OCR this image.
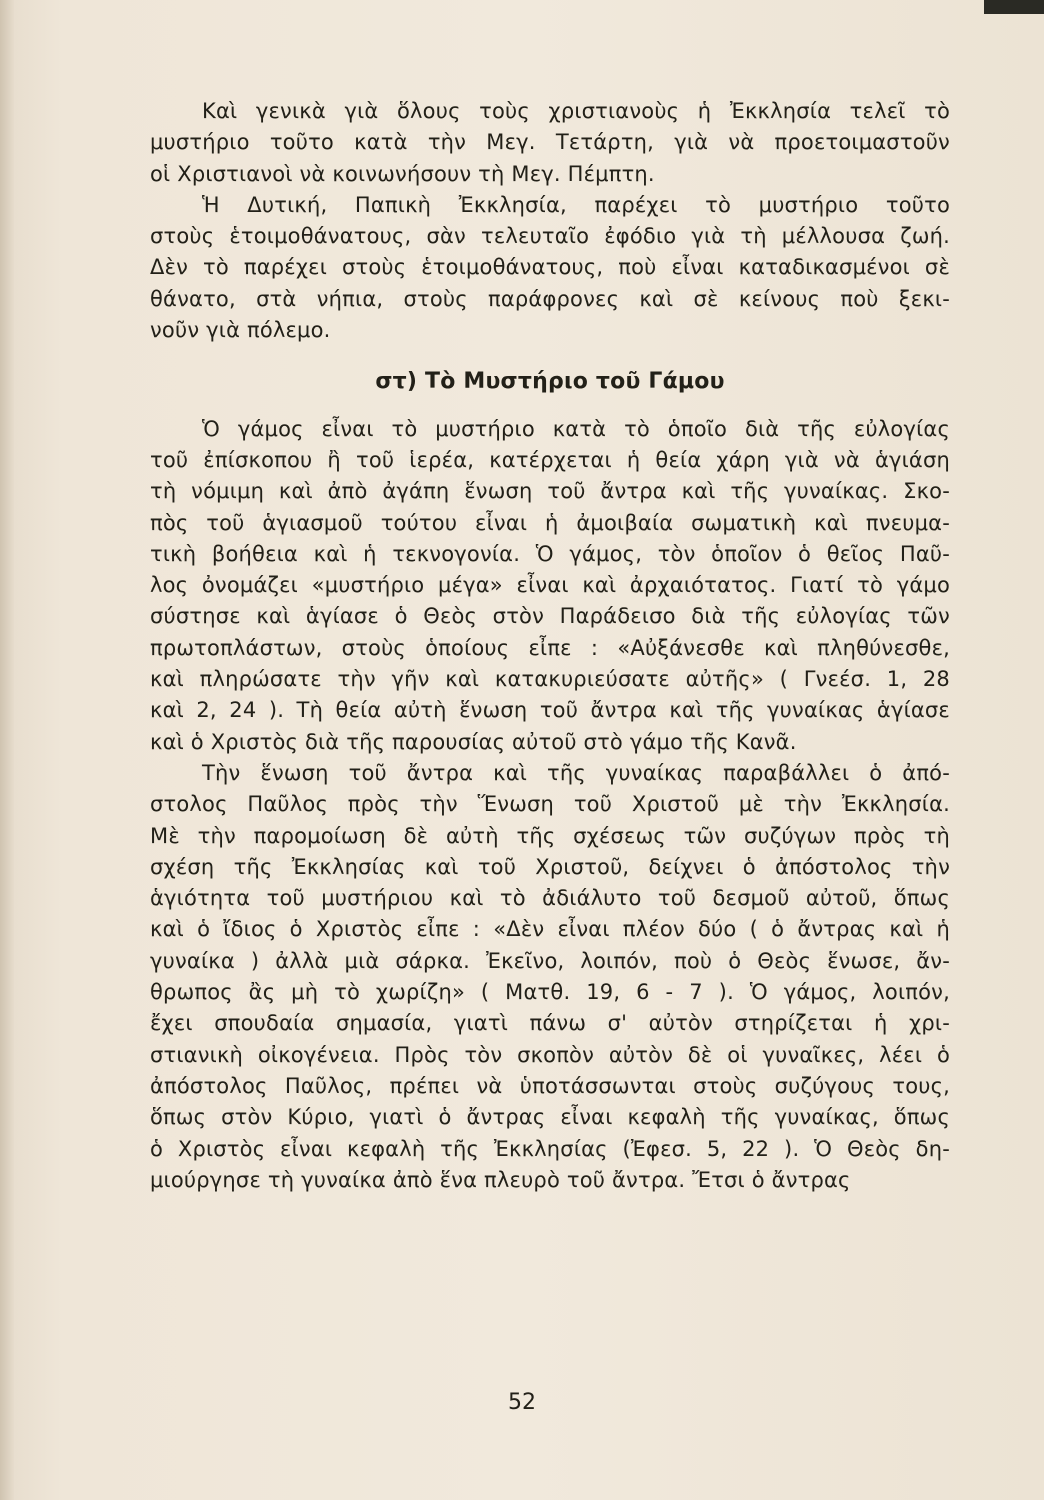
Καὶ γενικὰ γιὰ ὅλους τοὺς χριστιανοὺς ἡ Ἐκκλησία τελεῖ τὸ
μυστήριο τοῦτο κατὰ τὴν Μεγ. Τετάρτη, γιὰ νὰ προετοιμαστοῦν
οἱ Χριστιανοὶ νὰ κοινωνήσουν τὴ Μεγ. Πέμπτη.
Ἡ Δυτική, Παπικὴ Ἐκκλησία, παρέχει τὸ μυστήριο τοῦτο
στοὺς ἑτοιμοθάνατους, σὰν τελευταῖο ἐφόδιο γιὰ τὴ μέλλουσα ζωή.
Δὲν τὸ παρέχει στοὺς ἑτοιμοθάνατους, ποὺ εἶναι καταδικασμένοι σὲ
θάνατο, στὰ νήπια, στοὺς παράφρονες καὶ σὲ κείνους ποὺ ξεκι-
νοῦν γιὰ πόλεμο.
στ) Τὸ Μυστήριο τοῦ Γάμου
Ὁ γάμος εἶναι τὸ μυστήριο κατὰ τὸ ὁποῖο διὰ τῆς εὐλογίας
τοῦ ἐπίσκοπου ἢ τοῦ ἱερέα, κατέρχεται ἡ θεία χάρη γιὰ νὰ ἁγιάση
τὴ νόμιμη καὶ ἀπὸ ἀγάπη ἕνωση τοῦ ἄντρα καὶ τῆς γυναίκας. Σκο-
πὸς τοῦ ἁγιασμοῦ τούτου εἶναι ἡ ἀμοιβαία σωματικὴ καὶ πνευμα-
τικὴ βοήθεια καὶ ἡ τεκνογονία. Ὁ γάμος, τὸν ὁποῖον ὁ θεῖος Παῦ-
λος ὀνομάζει «μυστήριο μέγα» εἶναι καὶ ἀρχαιότατος. Γιατί τὸ γάμο
σύστησε καὶ ἁγίασε ὁ Θεὸς στὸν Παράδεισο διὰ τῆς εὐλογίας τῶν
πρωτοπλάστων, στοὺς ὁποίους εἶπε : «Αὐξάνεσθε καὶ πληθύνεσθε,
καὶ πληρώσατε τὴν γῆν καὶ κατακυριεύσατε αὐτῆς» ( Γνεέσ. 1, 28
καὶ 2, 24 ). Τὴ θεία αὐτὴ ἕνωση τοῦ ἄντρα καὶ τῆς γυναίκας ἁγίασε
καὶ ὁ Χριστὸς διὰ τῆς παρουσίας αὐτοῦ στὸ γάμο τῆς Κανᾶ.
Τὴν ἕνωση τοῦ ἄντρα καὶ τῆς γυναίκας παραβάλλει ὁ ἀπό-
στολος Παῦλος πρὸς τὴν Ἕνωση τοῦ Χριστοῦ μὲ τὴν Ἐκκλησία.
Μὲ τὴν παρομοίωση δὲ αὐτὴ τῆς σχέσεως τῶν συζύγων πρὸς τὴ
σχέση τῆς Ἐκκλησίας καὶ τοῦ Χριστοῦ, δείχνει ὁ ἀπόστολος τὴν
ἁγιότητα τοῦ μυστήριου καὶ τὸ ἀδιάλυτο τοῦ δεσμοῦ αὐτοῦ, ὅπως
καὶ ὁ ἴδιος ὁ Χριστὸς εἶπε : «Δὲν εἶναι πλέον δύο ( ὁ ἄντρας καὶ ἡ
γυναίκα ) ἀλλὰ μιὰ σάρκα. Ἐκεῖνο, λοιπόν, ποὺ ὁ Θεὸς ἕνωσε, ἄν-
θρωπος ἂς μὴ τὸ χωρίζη» ( Ματθ. 19, 6 - 7 ). Ὁ γάμος, λοιπόν,
ἔχει σπουδαία σημασία, γιατὶ πάνω σ' αὐτὸν στηρίζεται ἡ χρι-
στιανικὴ οἰκογένεια. Πρὸς τὸν σκοπὸν αὐτὸν δὲ οἱ γυναῖκες, λέει ὁ
ἀπόστολος Παῦλος, πρέπει νὰ ὑποτάσσωνται στοὺς συζύγους τους,
ὅπως στὸν Κύριο, γιατὶ ὁ ἄντρας εἶναι κεφαλὴ τῆς γυναίκας, ὅπως
ὁ Χριστὸς εἶναι κεφαλὴ τῆς Ἐκκλησίας (Ἐφεσ. 5, 22 ). Ὁ Θεὸς δη-
μιούργησε τὴ γυναίκα ἀπὸ ἕνα πλευρὸ τοῦ ἄντρα. Ἔτσι ὁ ἄντρας
52
